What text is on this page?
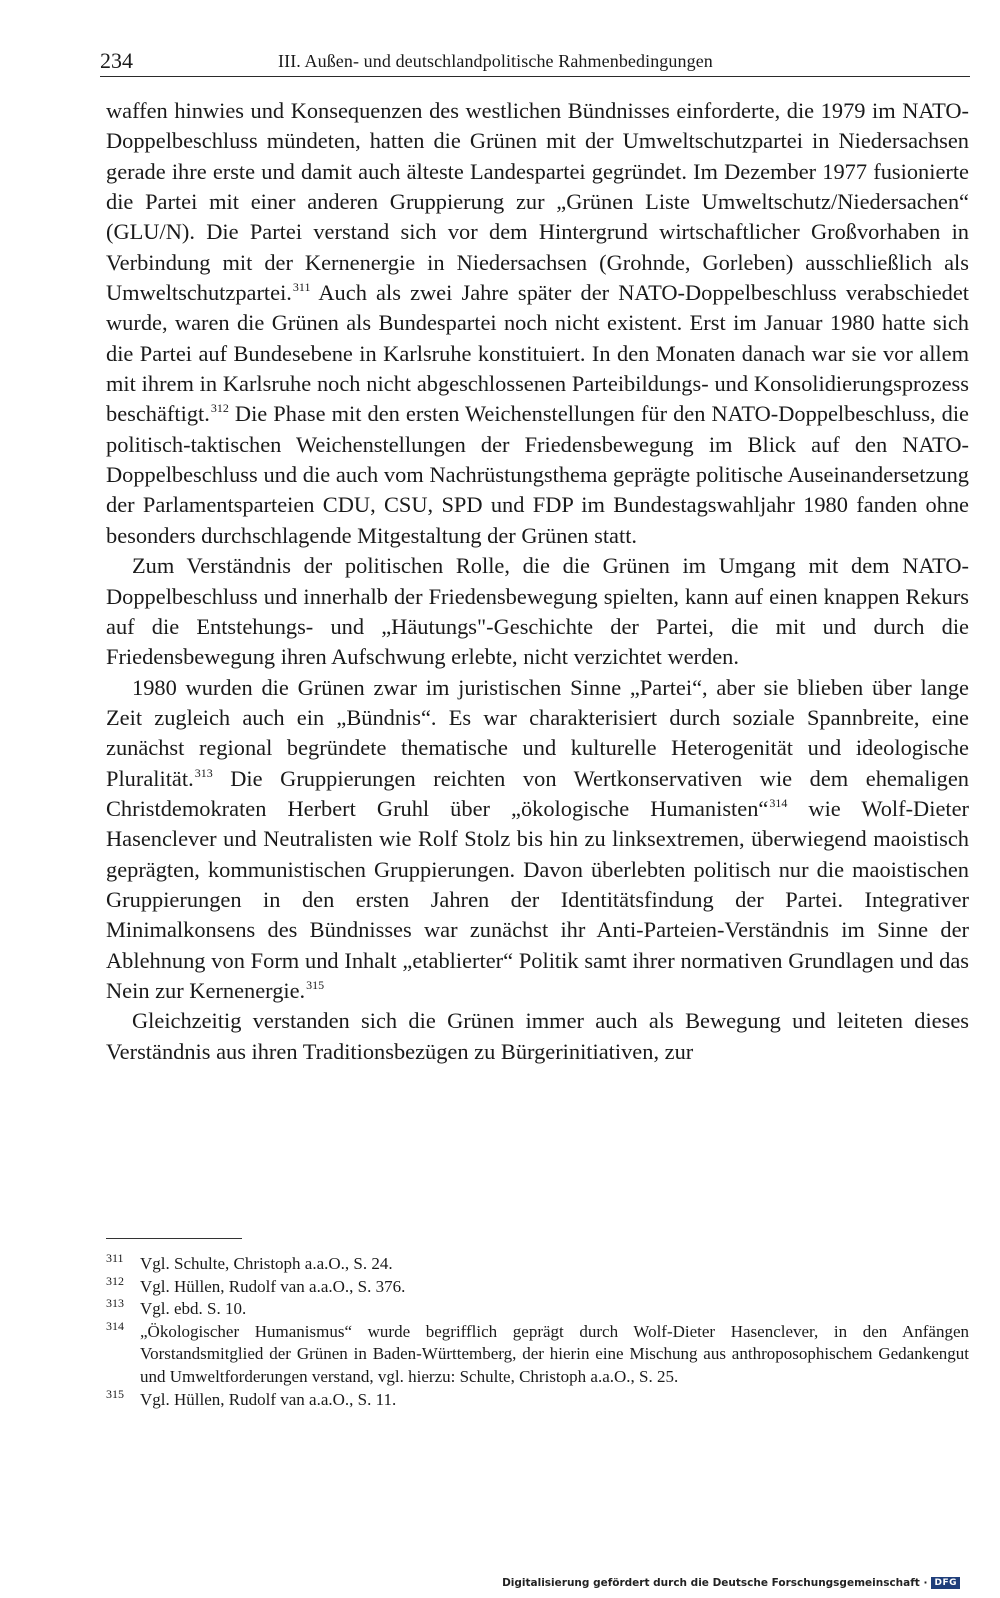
234	III. Außen- und deutschlandpolitische Rahmenbedingungen

waffen hinwies und Konsequenzen des westlichen Bündnisses einforderte, die 1979 im NATO-Doppelbeschluss mündeten, hatten die Grünen mit der Umweltschutzpartei in Niedersachsen gerade ihre erste und damit auch älteste Landespartei gegründet. Im Dezember 1977 fusionierte die Partei mit einer anderen Gruppierung zur „Grünen Liste Umweltschutz/Niedersachen“ (GLU/N). Die Partei verstand sich vor dem Hintergrund wirtschaftlicher Großvorhaben in Verbindung mit der Kernenergie in Niedersachsen (Grohnde, Gorleben) ausschließlich als Umweltschutzpartei.$^{311}$ Auch als zwei Jahre später der NATO-Doppelbeschluss verabschiedet wurde, waren die Grünen als Bundespartei noch nicht existent. Erst im Januar 1980 hatte sich die Partei auf Bundesebene in Karlsruhe konstituiert. In den Monaten danach war sie vor allem mit ihrem in Karlsruhe noch nicht abgeschlossenen Parteibildungs- und Konsolidierungsprozess beschäftigt.$^{312}$ Die Phase mit den ersten Weichenstellungen für den NATO-Doppelbeschluss, die politisch-taktischen Weichenstellungen der Friedensbewegung im Blick auf den NATO-Doppelbeschluss und die auch vom Nachrüstungsthema geprägte politische Auseinandersetzung der Parlamentsparteien CDU, CSU, SPD und FDP im Bundestagswahljahr 1980 fanden ohne besonders durchschlagende Mitgestaltung der Grünen statt.

Zum Verständnis der politischen Rolle, die die Grünen im Umgang mit dem NATO-Doppelbeschluss und innerhalb der Friedensbewegung spielten, kann auf einen knappen Rekurs auf die Entstehungs- und „Häutungs"-Geschichte der Partei, die mit und durch die Friedensbewegung ihren Aufschwung erlebte, nicht verzichtet werden.

1980 wurden die Grünen zwar im juristischen Sinne „Partei“, aber sie blieben über lange Zeit zugleich auch ein „Bündnis“. Es war charakterisiert durch soziale Spannbreite, eine zunächst regional begründete thematische und kulturelle Heterogenität und ideologische Pluralität.$^{313}$ Die Gruppierungen reichten von Wertkonservativen wie dem ehemaligen Christdemokraten Herbert Gruhl über „ökologische Humanisten“$^{314}$ wie Wolf-Dieter Hasenclever und Neutralisten wie Rolf Stolz bis hin zu linksextremen, überwiegend maoistisch geprägten, kommunistischen Gruppierungen. Davon überlebten politisch nur die maoistischen Gruppierungen in den ersten Jahren der Identitätsfindung der Partei. Integrativer Minimalkonsens des Bündnisses war zunächst ihr Anti-Parteien-Verständnis im Sinne der Ablehnung von Form und Inhalt „etablierter“ Politik samt ihrer normativen Grundlagen und das Nein zur Kernenergie.$^{315}$

Gleichzeitig verstanden sich die Grünen immer auch als Bewegung und leiteten dieses Verständnis aus ihren Traditionsbezügen zu Bürgerinitiativen, zur

311 Vgl. Schulte, Christoph a.a.O., S. 24.
312 Vgl. Hüllen, Rudolf van a.a.O., S. 376.
313 Vgl. ebd. S. 10.
314 „Ökologischer Humanismus“ wurde begrifflich geprägt durch Wolf-Dieter Hasenclever, in den Anfängen Vorstandsmitglied der Grünen in Baden-Württemberg, der hierin eine Mischung aus anthroposophischem Gedankengut und Umweltforderungen verstand, vgl. hierzu: Schulte, Christoph a.a.O., S. 25.
315 Vgl. Hüllen, Rudolf van a.a.O., S. 11.
Digitalisierung gefördert durch die Deutsche Forschungsgemeinschaft · DFG
